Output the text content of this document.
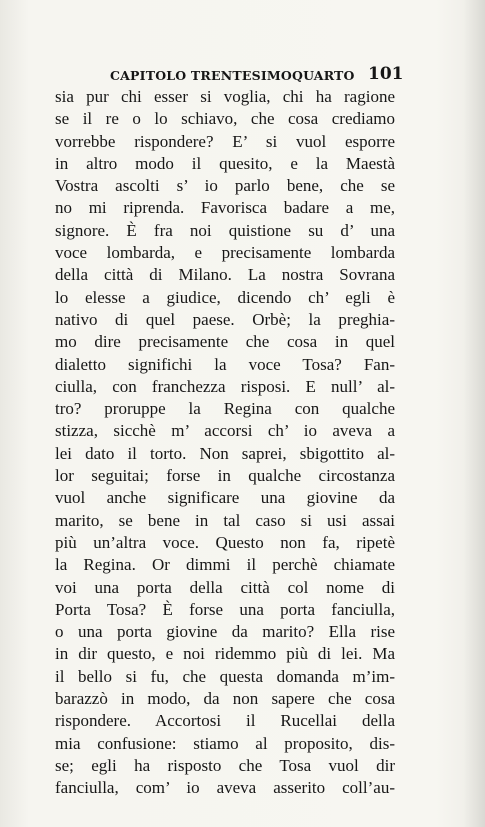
CAPITOLO TRENTESIMOQUARTO 101
sia pur chi esser si voglia, chi ha ragione
se il re o lo schiavo, che cosa crediamo
vorrebbe rispondere? E’ si vuol esporre
in altro modo il quesito, e la Maestà
Vostra ascolti s’ io parlo bene, che se
no mi riprenda. Favorisca badare a me,
signore. È fra noi quistione su d’ una
voce lombarda, e precisamente lombarda
della città di Milano. La nostra Sovrana
lo elesse a giudice, dicendo ch’ egli è
nativo di quel paese. Orbè; la preghia-
mo dire precisamente che cosa in quel
dialetto significhi la voce Tosa? Fan-
ciulla, con franchezza risposi. E null’ al-
tro? proruppe la Regina con qualche
stizza, sicchè m’ accorsi ch’ io aveva a
lei dato il torto. Non saprei, sbigottito al-
lor seguitai; forse in qualche circostanza
vuol anche significare una giovine da
marito, se bene in tal caso si usi assai
più un’altra voce. Questo non fa, ripetè
la Regina. Or dimmi il perchè chiamate
voi una porta della città col nome di
Porta Tosa? È forse una porta fanciulla,
o una porta giovine da marito? Ella rise
in dir questo, e noi ridemmo più di lei. Ma
il bello si fu, che questa domanda m’im-
barazzò in modo, da non sapere che cosa
rispondere. Accortosi il Rucellai della
mia confusione: stiamo al proposito, dis-
se; egli ha risposto che Tosa vuol dir
fanciulla, com’ io aveva asserito coll’au-
